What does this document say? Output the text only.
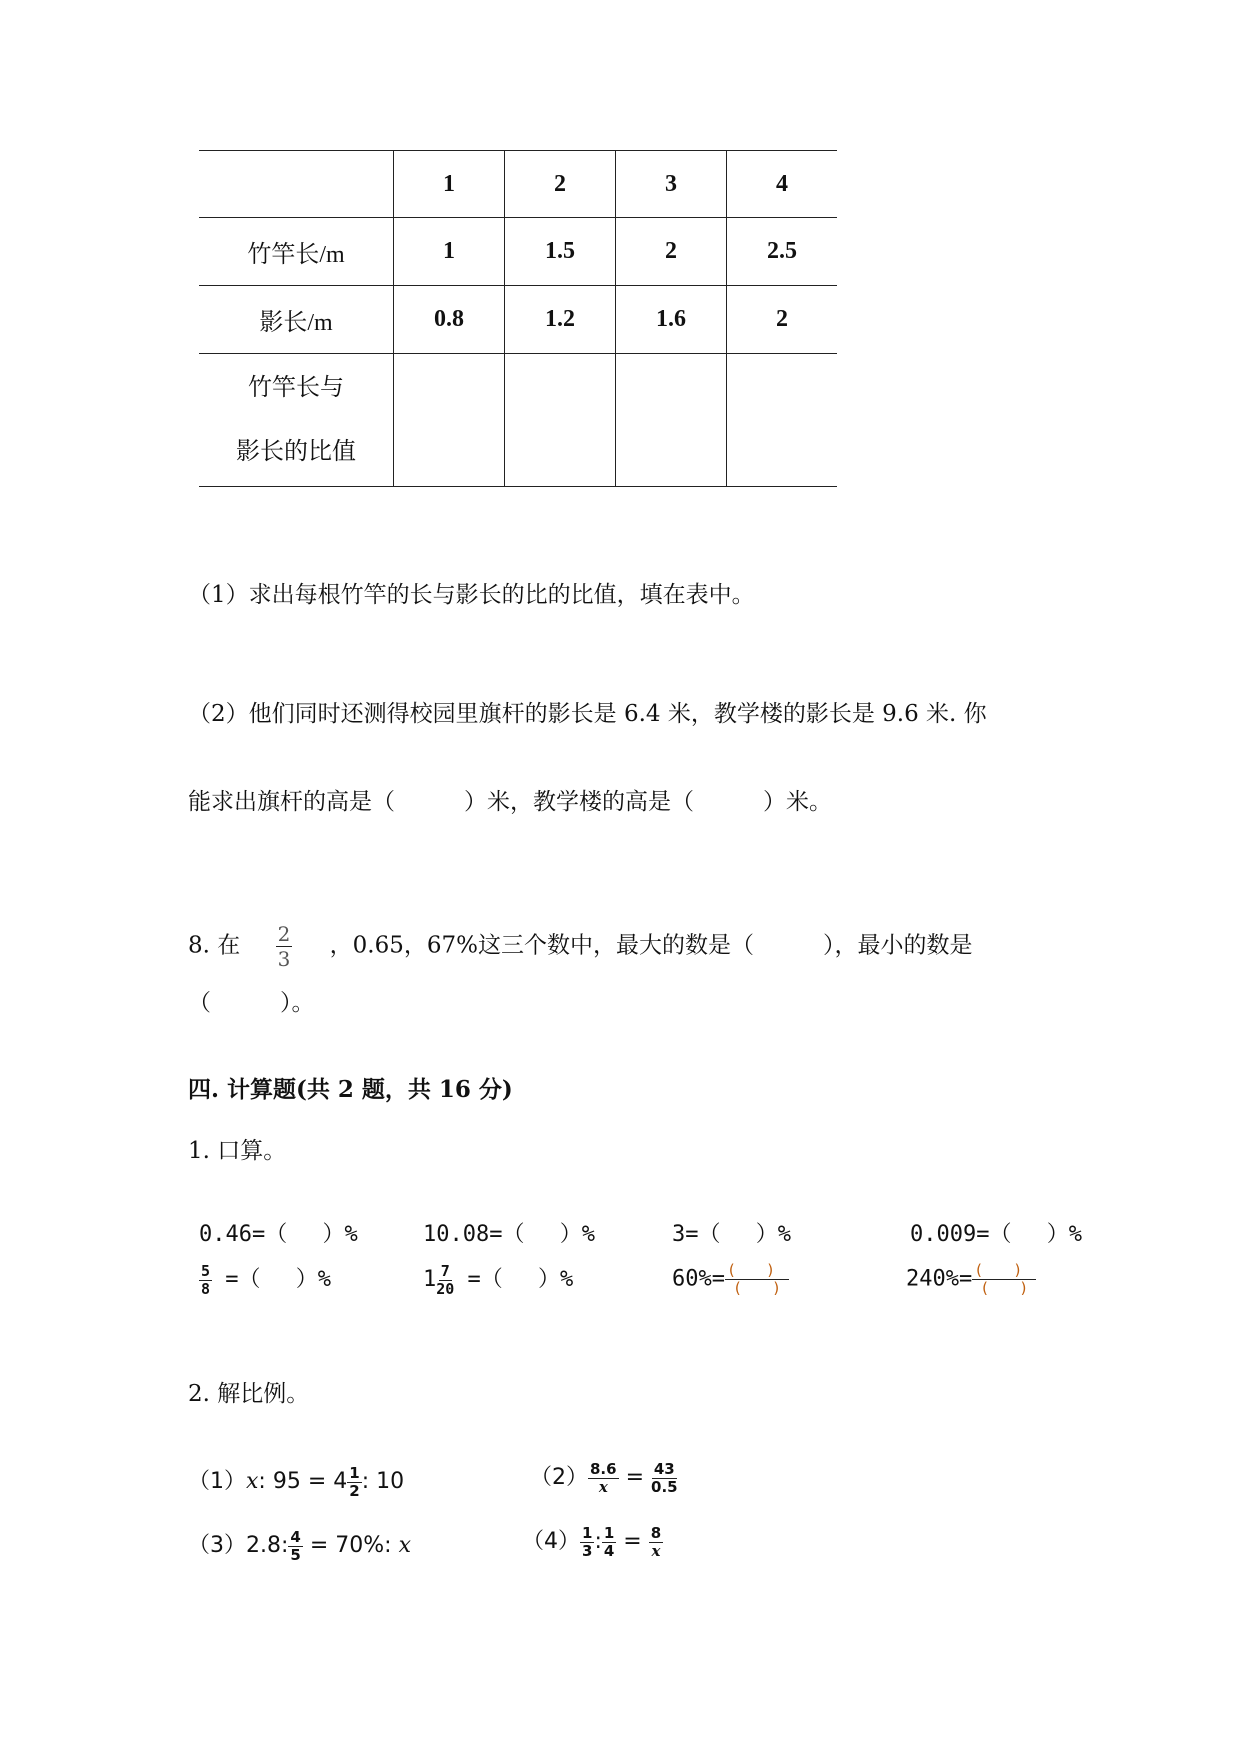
	1	2	3	4
竹竿长/m	1	1.5	2	2.5
影长/m	0.8	1.2	1.6	2
竹竿长与
影长的比值				
（1）求出每根竹竿的长与影长的比的比值，填在表中。
（2）他们同时还测得校园里旗杆的影长是 6.4 米，教学楼的影长是 9.6 米. 你
能求出旗杆的高是（　　　）米，教学楼的高是（　　　）米。
8. 在 $\frac{2}{3}$ ，0.65，67%这三个数中，最大的数是（　　　），最小的数是
（　　　）。
四. 计算题(共 2 题，共 16 分)
1. 口算。
0.46=（　 ）%	10.08=（　 ）%	3=（　 ）%	0.009=（　 ）%
$\frac{5}{8}$ =（　 ）%	$1 \frac{7}{20}$ =（　 ）%	$60\%= \frac{( )}{( )}$	$240\%= \frac{( )}{( )}$
2. 解比例。
（1）x: $95 = 4 \frac{1}{2}$ : 10	$(2) \frac{8.6}{x} = \frac{43}{0.5}$
（3）2.8: $\frac{4}{5} = 70\%$: x	$(4) \frac{1}{3}$ : $\frac{1}{4} = \frac{8}{x}$
